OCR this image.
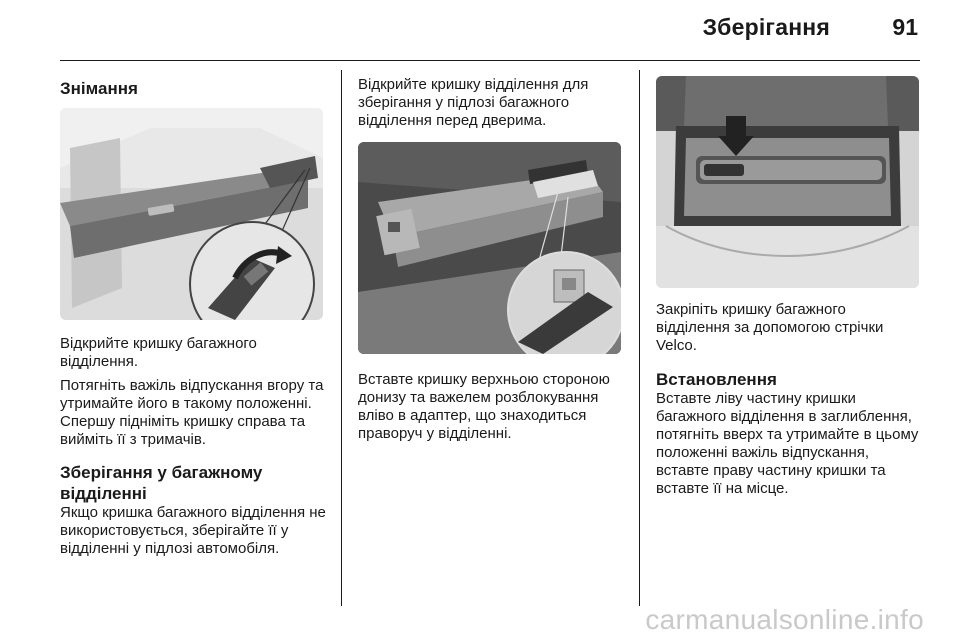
Зберігання	91
Знімання

Відкрийте кришку багажного відділення.

Потягніть важіль відпускання вгору та утримайте його в такому положенні. Спершу підніміть кришку справа та вийміть її з тримачів.

Зберігання у багажному відділенні

Якщо кришка багажного відділення не використовується, зберігайте її у відділенні у підлозі автомобіля.

Відкрийте кришку відділення для зберігання у підлозі багажного відділення перед дверима.

Вставте кришку верхньою стороною донизу та важелем розблокування вліво в адаптер, що знаходиться праворуч у відділенні.

Закріпіть кришку багажного відділення за допомогою стрічки Velco.

Встановлення

Вставте ліву частину кришки багажного відділення в заглиблення, потягніть вверх та утримайте в цьому положенні важіль відпускання, вставте праву частину кришки та вставте її на місце.

carmanualsonline.info
